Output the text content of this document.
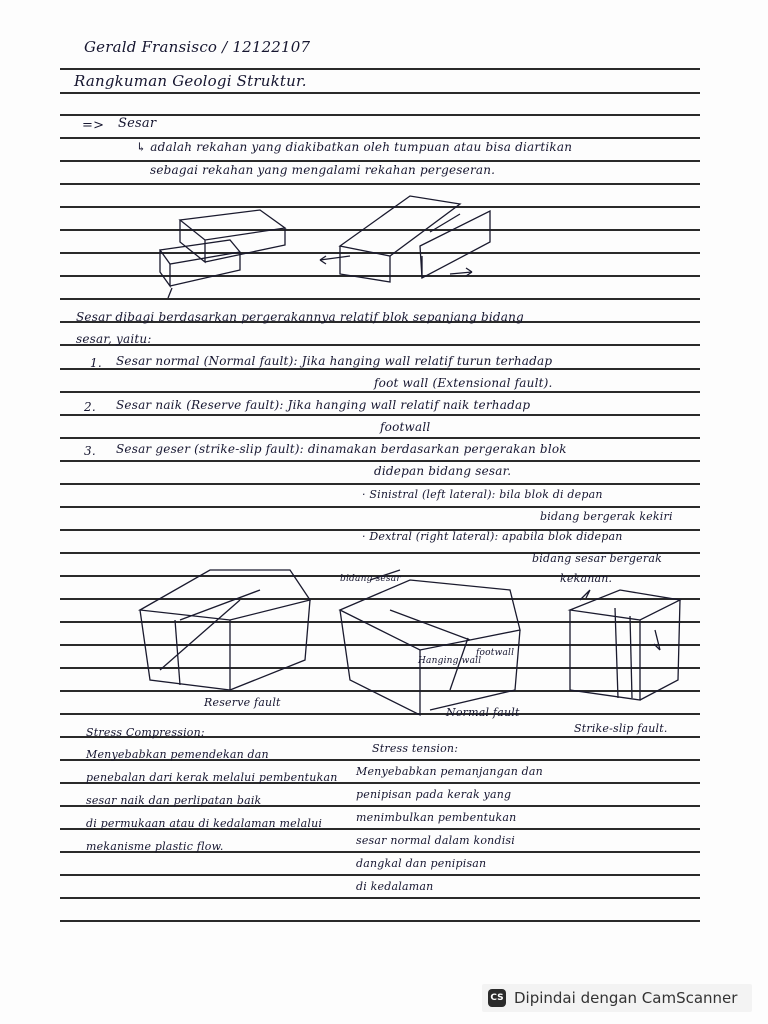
Gerald Fransisco / 12122107
Rangkuman Geologi Struktur.
=> Sesar
↳ adalah rekahan yang diakibatkan oleh tumpuan atau bisa diartikan
sebagai rekahan yang mengalami rekahan pergeseran.
Sesar dibagi berdasarkan pergerakannya relatif blok sepanjang bidang
sesar, yaitu:
1. Sesar normal (Normal fault): Jika hanging wall relatif turun terhadap
foot wall (Extensional fault).
2. Sesar naik (Reserve fault): Jika hanging wall relatif naik terhadap
footwall
3. Sesar geser (strike-slip fault): dinamakan berdasarkan pergerakan blok
didepan bidang sesar.
· Sinistral (left lateral): bila blok di depan
bidang bergerak kekiri
· Dextral (right lateral): apabila blok didepan
bidang sesar bergerak
kekanan.
Reserve fault
bidang sesar
Hanging wall
footwall
Normal fault
Strike-slip fault.
Stress Compression:
Menyebabkan pemendekan dan
penebalan dari kerak melalui pembentukan
sesar naik dan perlipatan baik
di permukaan atau di kedalaman melalui
mekanisme plastic flow.
Stress tension:
Menyebabkan pemanjangan dan
penipisan pada kerak yang
menimbulkan pembentukan
sesar normal dalam kondisi
dangkal dan penipisan
di kedalaman
CS Dipindai dengan CamScanner
